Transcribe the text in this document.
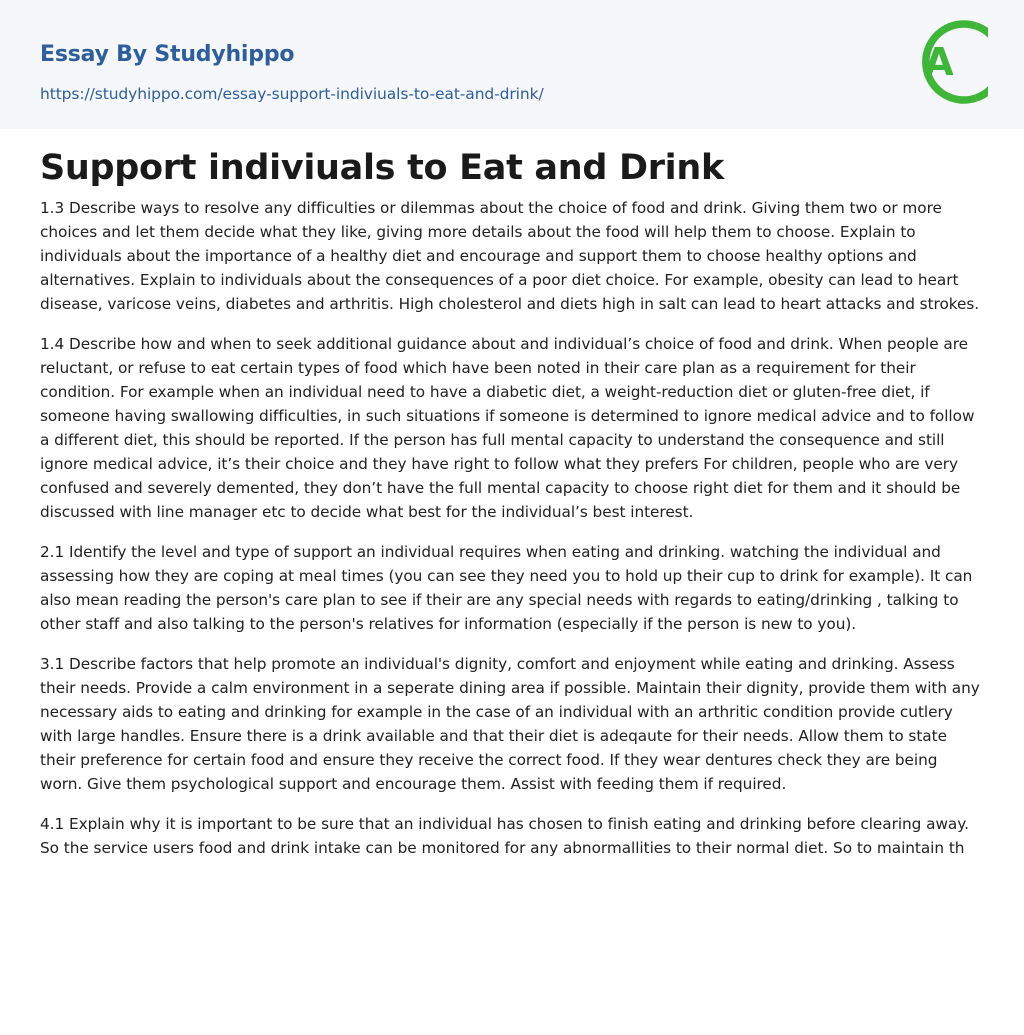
Essay By Studyhippo
https://studyhippo.com/essay-support-indiviuals-to-eat-and-drink/
A
Support indiviuals to Eat and Drink

1.3 Describe ways to resolve any difficulties or dilemmas about the choice of food and drink. Giving them two or more choices and let them decide what they like, giving more details about the food will help them to choose. Explain to individuals about the importance of a healthy diet and encourage and support them to choose healthy options and alternatives. Explain to individuals about the consequences of a poor diet choice. For example, obesity can lead to heart disease, varicose veins, diabetes and arthritis. High cholesterol and diets high in salt can lead to heart attacks and strokes.

1.4 Describe how and when to seek additional guidance about and individual’s choice of food and drink. When people are reluctant, or refuse to eat certain types of food which have been noted in their care plan as a requirement for their condition. For example when an individual need to have a diabetic diet, a weight-reduction diet or gluten-free diet, if someone having swallowing difficulties, in such situations if someone is determined to ignore medical advice and to follow a different diet, this should be reported. If the person has full mental capacity to understand the consequence and still ignore medical advice, it’s their choice and they have right to follow what they prefers For children, people who are very confused and severely demented, they don’t have the full mental capacity to choose right diet for them and it should be discussed with line manager etc to decide what best for the individual’s best interest.

2.1 Identify the level and type of support an individual requires when eating and drinking. watching the individual and assessing how they are coping at meal times (you can see they need you to hold up their cup to drink for example). It can also mean reading the person's care plan to see if their are any special needs with regards to eating/drinking , talking to other staff and also talking to the person's relatives for information (especially if the person is new to you).

3.1 Describe factors that help promote an individual's dignity, comfort and enjoyment while eating and drinking. Assess their needs. Provide a calm environment in a seperate dining area if possible. Maintain their dignity, provide them with any necessary aids to eating and drinking for example in the case of an individual with an arthritic condition provide cutlery with large handles. Ensure there is a drink available and that their diet is adeqaute for their needs. Allow them to state their preference for certain food and ensure they receive the correct food. If they wear dentures check they are being worn. Give them psychological support and encourage them. Assist with feeding them if required.

4.1 Explain why it is important to be sure that an individual has chosen to finish eating and drinking before clearing away. So the service users food and drink intake can be monitored for any abnormallities to their normal diet. So to maintain th
